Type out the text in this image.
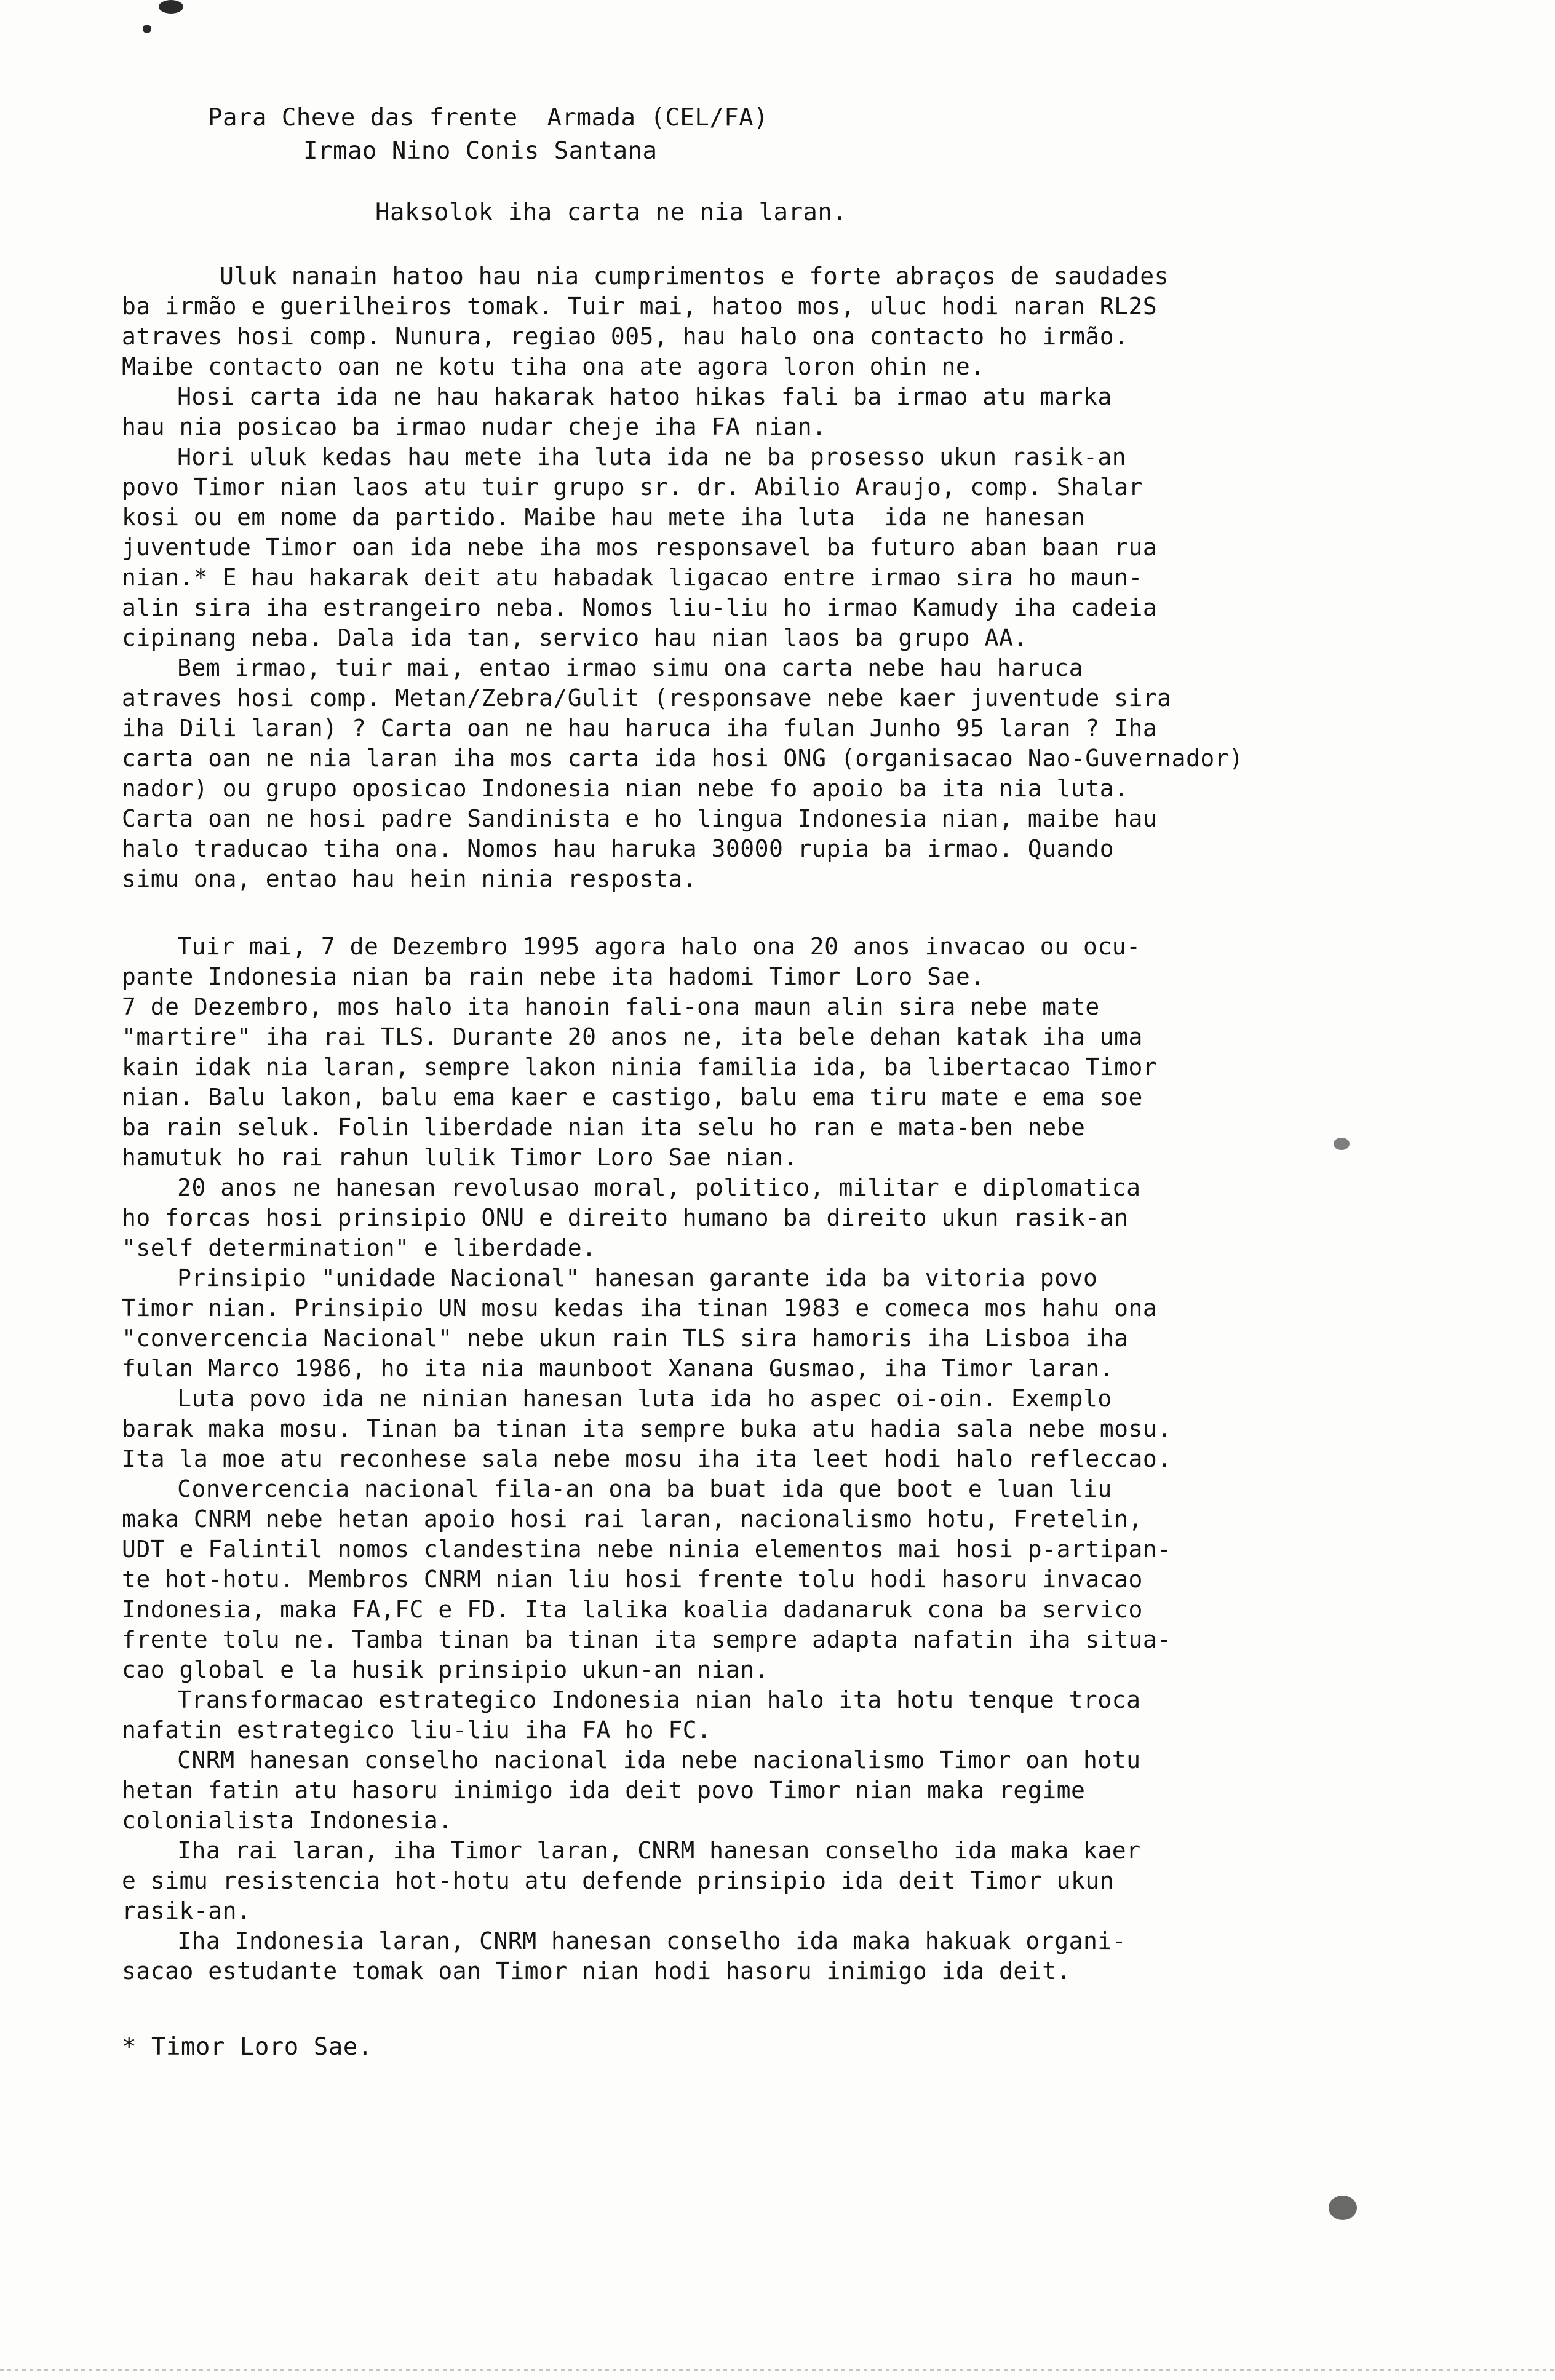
Para Cheve das frente  Armada (CEL/FA)
Irmao Nino Conis Santana
Haksolok iha carta ne nia laran.
Uluk nanain hatoo hau nia cumprimentos e forte abraços de saudades
ba irmão e guerilheiros tomak. Tuir mai, hatoo mos, uluc hodi naran RL2S
atraves hosi comp. Nunura, regiao 005, hau halo ona contacto ho irmão.
Maibe contacto oan ne kotu tiha ona ate agora loron ohin ne.
Hosi carta ida ne hau hakarak hatoo hikas fali ba irmao atu marka
hau nia posicao ba irmao nudar cheje iha FA nian.
Hori uluk kedas hau mete iha luta ida ne ba prosesso ukun rasik-an
povo Timor nian laos atu tuir grupo sr. dr. Abilio Araujo, comp. Shalar
kosi ou em nome da partido. Maibe hau mete iha luta  ida ne hanesan
juventude Timor oan ida nebe iha mos responsavel ba futuro aban baan rua
nian.* E hau hakarak deit atu habadak ligacao entre irmao sira ho maun-
alin sira iha estrangeiro neba. Nomos liu-liu ho irmao Kamudy iha cadeia
cipinang neba. Dala ida tan, servico hau nian laos ba grupo AA.
Bem irmao, tuir mai, entao irmao simu ona carta nebe hau haruca
atraves hosi comp. Metan/Zebra/Gulit (responsave nebe kaer juventude sira
iha Dili laran) ? Carta oan ne hau haruca iha fulan Junho 95 laran ? Iha
carta oan ne nia laran iha mos carta ida hosi ONG (organisacao Nao-Guvernador)
nador) ou grupo oposicao Indonesia nian nebe fo apoio ba ita nia luta.
Carta oan ne hosi padre Sandinista e ho lingua Indonesia nian, maibe hau
halo traducao tiha ona. Nomos hau haruka 30000 rupia ba irmao. Quando
simu ona, entao hau hein ninia resposta.
Tuir mai, 7 de Dezembro 1995 agora halo ona 20 anos invacao ou ocu-
pante Indonesia nian ba rain nebe ita hadomi Timor Loro Sae.
7 de Dezembro, mos halo ita hanoin fali-ona maun alin sira nebe mate
"martire" iha rai TLS. Durante 20 anos ne, ita bele dehan katak iha uma
kain idak nia laran, sempre lakon ninia familia ida, ba libertacao Timor
nian. Balu lakon, balu ema kaer e castigo, balu ema tiru mate e ema soe
ba rain seluk. Folin liberdade nian ita selu ho ran e mata-ben nebe
hamutuk ho rai rahun lulik Timor Loro Sae nian.
20 anos ne hanesan revolusao moral, politico, militar e diplomatica
ho forcas hosi prinsipio ONU e direito humano ba direito ukun rasik-an
"self determination" e liberdade.
Prinsipio "unidade Nacional" hanesan garante ida ba vitoria povo
Timor nian. Prinsipio UN mosu kedas iha tinan 1983 e comeca mos hahu ona
"convercencia Nacional" nebe ukun rain TLS sira hamoris iha Lisboa iha
fulan Marco 1986, ho ita nia maunboot Xanana Gusmao, iha Timor laran.
Luta povo ida ne ninian hanesan luta ida ho aspec oi-oin. Exemplo
barak maka mosu. Tinan ba tinan ita sempre buka atu hadia sala nebe mosu.
Ita la moe atu reconhese sala nebe mosu iha ita leet hodi halo refleccao.
Convercencia nacional fila-an ona ba buat ida que boot e luan liu
maka CNRM nebe hetan apoio hosi rai laran, nacionalismo hotu, Fretelin,
UDT e Falintil nomos clandestina nebe ninia elementos mai hosi p-artipan-
te hot-hotu. Membros CNRM nian liu hosi frente tolu hodi hasoru invacao
Indonesia, maka FA,FC e FD. Ita lalika koalia dadanaruk cona ba servico
frente tolu ne. Tamba tinan ba tinan ita sempre adapta nafatin iha situa-
cao global e la husik prinsipio ukun-an nian.
Transformacao estrategico Indonesia nian halo ita hotu tenque troca
nafatin estrategico liu-liu iha FA ho FC.
CNRM hanesan conselho nacional ida nebe nacionalismo Timor oan hotu
hetan fatin atu hasoru inimigo ida deit povo Timor nian maka regime
colonialista Indonesia.
Iha rai laran, iha Timor laran, CNRM hanesan conselho ida maka kaer
e simu resistencia hot-hotu atu defende prinsipio ida deit Timor ukun
rasik-an.
Iha Indonesia laran, CNRM hanesan conselho ida maka hakuak organi-
sacao estudante tomak oan Timor nian hodi hasoru inimigo ida deit.
* Timor Loro Sae.
